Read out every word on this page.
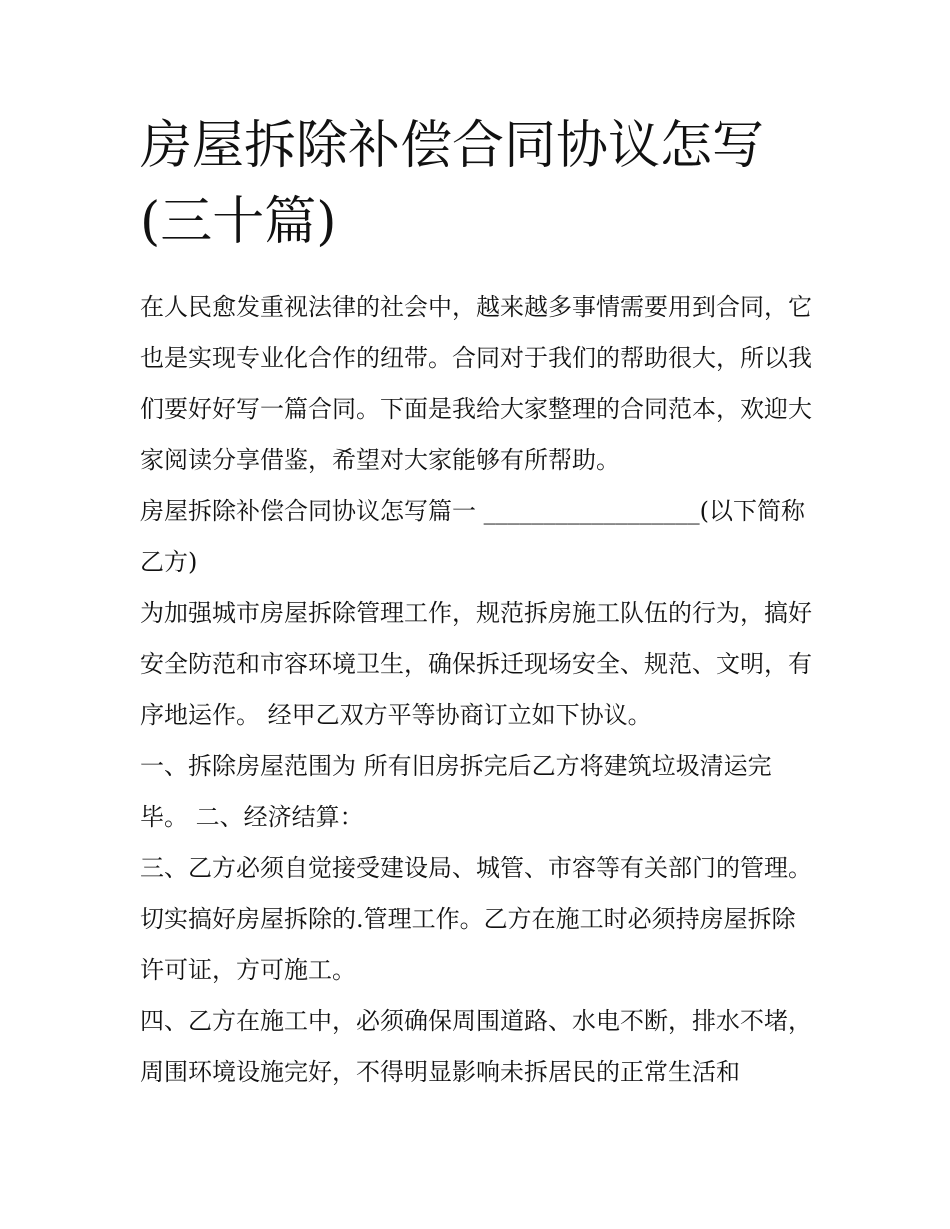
房屋拆除补偿合同协议怎写(三十篇)

在人民愈发重视法律的社会中，越来越多事情需要用到合同，它也是实现专业化合作的纽带。合同对于我们的帮助很大，所以我们要好好写一篇合同。下面是我给大家整理的合同范本，欢迎大家阅读分享借鉴，希望对大家能够有所帮助。

房屋拆除补偿合同协议怎写篇一 __________________(以下简称乙方)

为加强城市房屋拆除管理工作，规范拆房施工队伍的行为，搞好安全防范和市容环境卫生，确保拆迁现场安全、规范、文明，有序地运作。 经甲乙双方平等协商订立如下协议。

一、拆除房屋范围为 所有旧房拆完后乙方将建筑垃圾清运完毕。 二、经济结算：

三、乙方必须自觉接受建设局、城管、市容等有关部门的管理。切实搞好房屋拆除的.管理工作。乙方在施工时必须持房屋拆除许可证，方可施工。

四、乙方在施工中，必须确保周围道路、水电不断，排水不堵，周围环境设施完好，不得明显影响未拆居民的正常生活和
